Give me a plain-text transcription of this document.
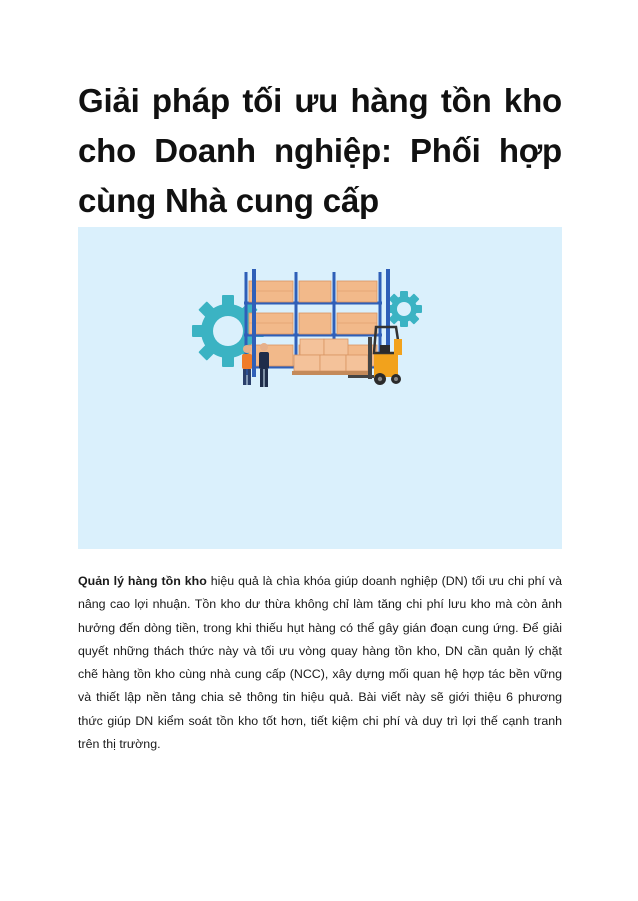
Giải pháp tối ưu hàng tồn kho cho Doanh nghiệp: Phối hợp cùng Nhà cung cấp

Quản lý hàng tồn kho hiệu quả là chìa khóa giúp doanh nghiệp (DN) tối ưu chi phí và nâng cao lợi nhuận. Tồn kho dư thừa không chỉ làm tăng chi phí lưu kho mà còn ảnh hưởng đến dòng tiền, trong khi thiếu hụt hàng có thể gây gián đoạn cung ứng. Để giải quyết những thách thức này và tối ưu vòng quay hàng tồn kho, DN cần quản lý chặt chẽ hàng tồn kho cùng nhà cung cấp (NCC), xây dựng mối quan hệ hợp tác bền vững và thiết lập nền tảng chia sẻ thông tin hiệu quả. Bài viết này sẽ giới thiệu 6 phương thức giúp DN kiểm soát tồn kho tốt hơn, tiết kiệm chi phí và duy trì lợi thế cạnh tranh trên thị trường.
